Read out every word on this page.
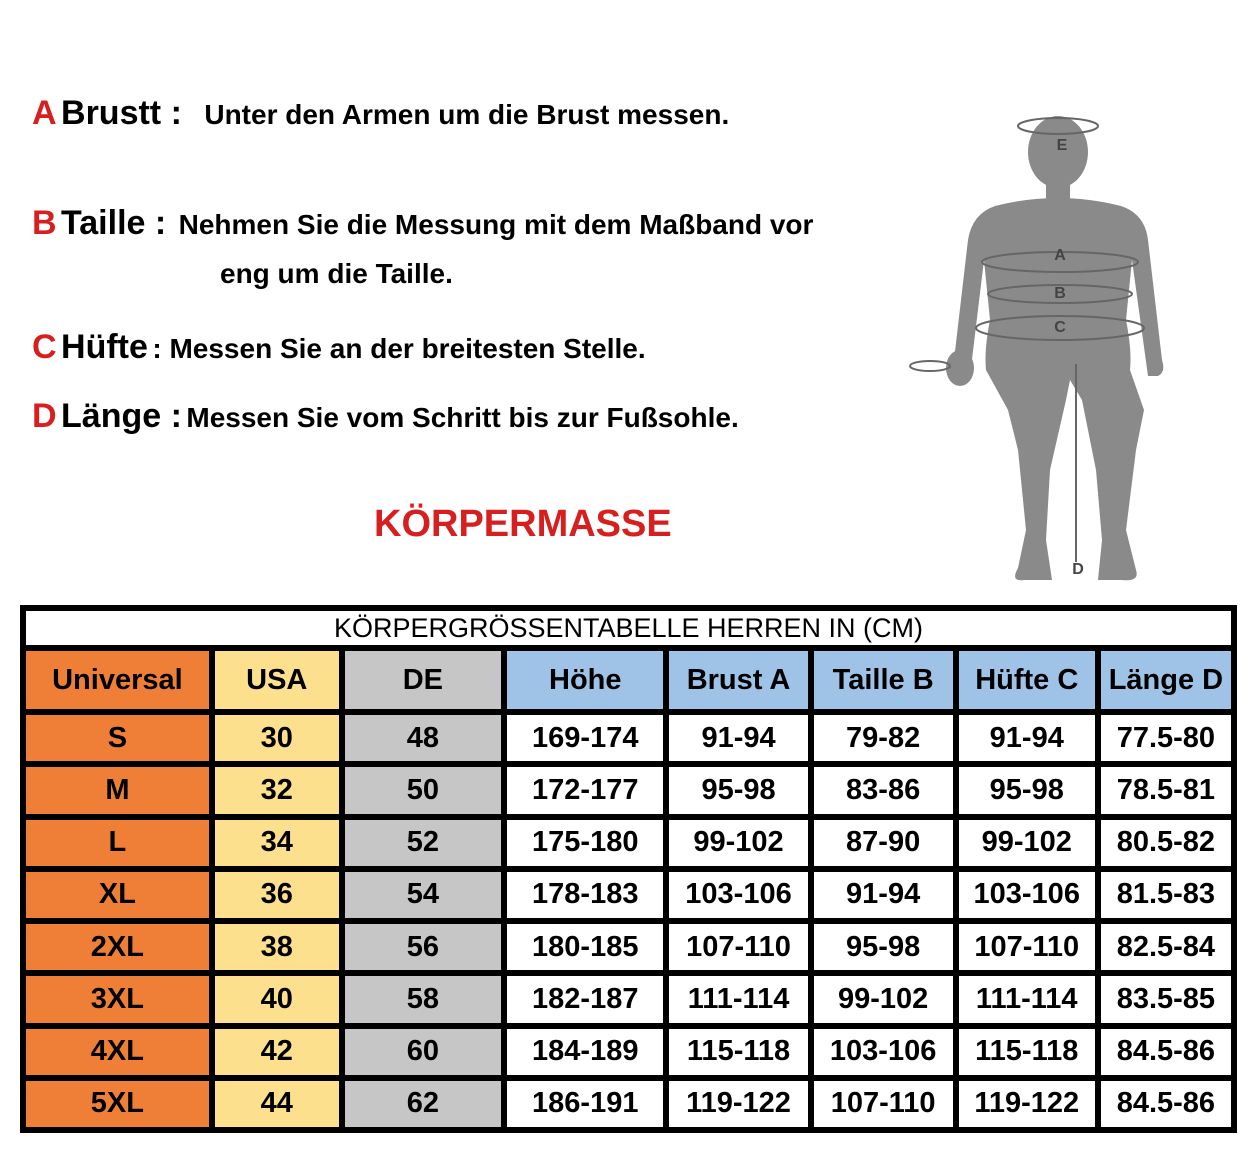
A Brustt : Unter den Armen um die Brust messen.
B Taille : Nehmen Sie die Messung mit dem Maßband vor
eng um die Taille.
C Hüfte : Messen Sie an der breitesten Stelle.
D Länge : Messen Sie vom Schritt bis zur Fußsohle.
KÖRPERMASSE
E
A
B
C
D
KÖRPERGRÖSSENTABELLE HERREN IN (CM)							
Universal	USA	DE	Höhe	Brust A	Taille B	Hüfte C	Länge D
S	30	48	169-174	91-94	79-82	91-94	77.5-80
M	32	50	172-177	95-98	83-86	95-98	78.5-81
L	34	52	175-180	99-102	87-90	99-102	80.5-82
XL	36	54	178-183	103-106	91-94	103-106	81.5-83
2XL	38	56	180-185	107-110	95-98	107-110	82.5-84
3XL	40	58	182-187	111-114	99-102	111-114	83.5-85
4XL	42	60	184-189	115-118	103-106	115-118	84.5-86
5XL	44	62	186-191	119-122	107-110	119-122	84.5-86
